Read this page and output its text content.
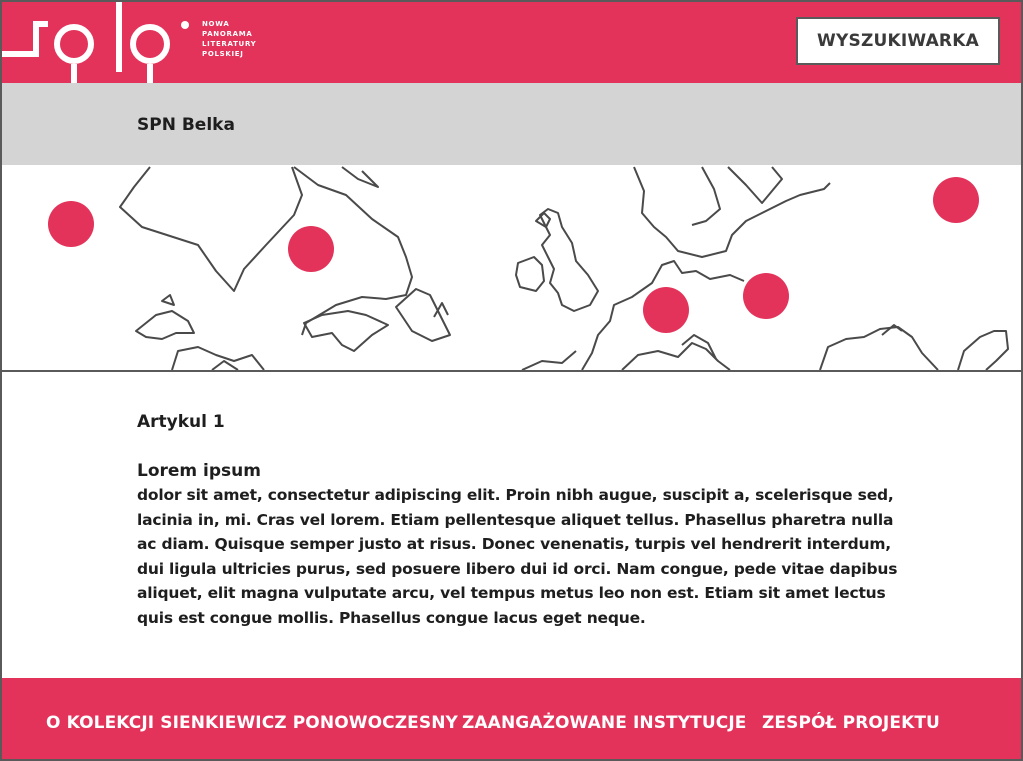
NOWA
PANORAMA
LITERATURY
POLSKIEJ
WYSZUKIWARKA
SPN Belka
Artykul 1
Lorem ipsum
dolor sit amet, consectetur adipiscing elit. Proin nibh augue, suscipit a, scelerisque sed, lacinia in, mi. Cras vel lorem. Etiam pellentesque aliquet tellus. Phasellus pharetra nulla ac diam. Quisque semper justo at risus. Donec venenatis, turpis vel hendrerit interdum, dui ligula ultricies purus, sed posuere libero dui id orci. Nam congue, pede vitae dapibus aliquet, elit magna vulputate arcu, vel tempus metus leo non est. Etiam sit amet lectus quis est congue mollis. Phasellus congue lacus eget neque.
O KOLEKCJI SIENKIEWICZ PONOWOCZESNY ZAANGAŻOWANE INSTYTUCJE ZESPÓŁ PROJEKTU
